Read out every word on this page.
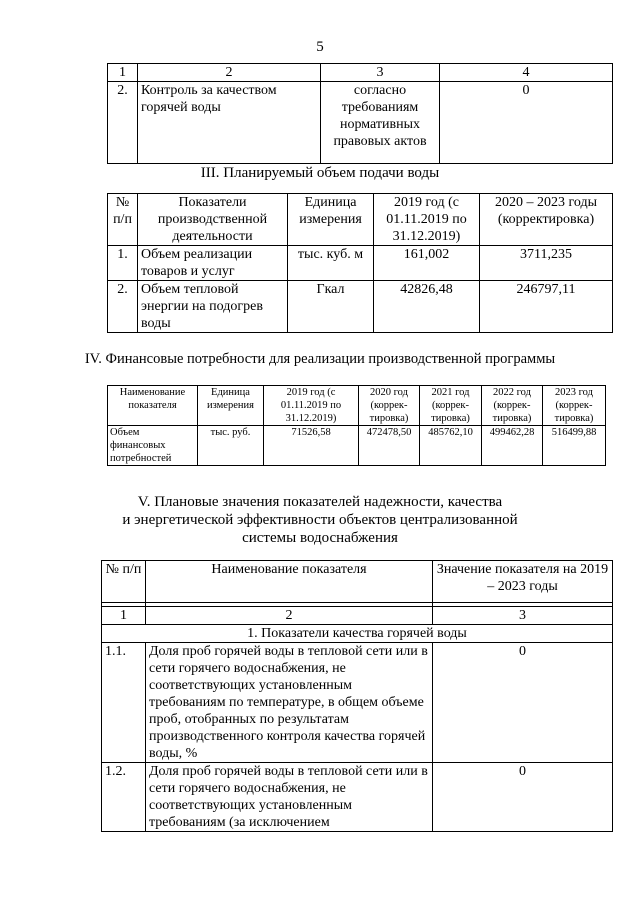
5
1	2	3	4
2.	Контроль за качеством горячей воды	согласно требованиям нормативных правовых актов	0
III. Планируемый объем подачи воды
№ п/п	Показатели производственной деятельности	Единица измерения	2019 год (с 01.11.2019 по 31.12.2019)	2020 – 2023 годы (корректировка)
1.	Объем реализации товаров и услуг	тыс. куб. м	161,002	3711,235
2.	Объем тепловой энергии на подогрев воды	Гкал	42826,48	246797,11
IV. Финансовые потребности для реализации производственной программы
Наименование показателя	Единица измерения	2019 год (с 01.11.2019 по 31.12.2019)	2020 год (коррек-тировка)	2021 год (коррек-тировка)	2022 год (коррек-тировка)	2023 год (коррек-тировка)
Объем финансовых потребностей	тыс. руб.	71526,58	472478,50	485762,10	499462,28	516499,88
V. Плановые значения показателей надежности, качества
и энергетической эффективности объектов централизованной
системы водоснабжения
№ п/п	Наименование показателя	Значение показателя на 2019 – 2023 годы

1	2	3
1. Показатели качества горячей воды		
1.1.	Доля проб горячей воды в тепловой сети или в сети горячего водоснабжения, не соответствующих установленным требованиям по температуре, в общем объеме проб, отобранных по результатам производственного контроля качества горячей воды, %	0
1.2.	Доля проб горячей воды в тепловой сети или в сети горячего водоснабжения, не соответствующих установленным требованиям (за исключением	0
